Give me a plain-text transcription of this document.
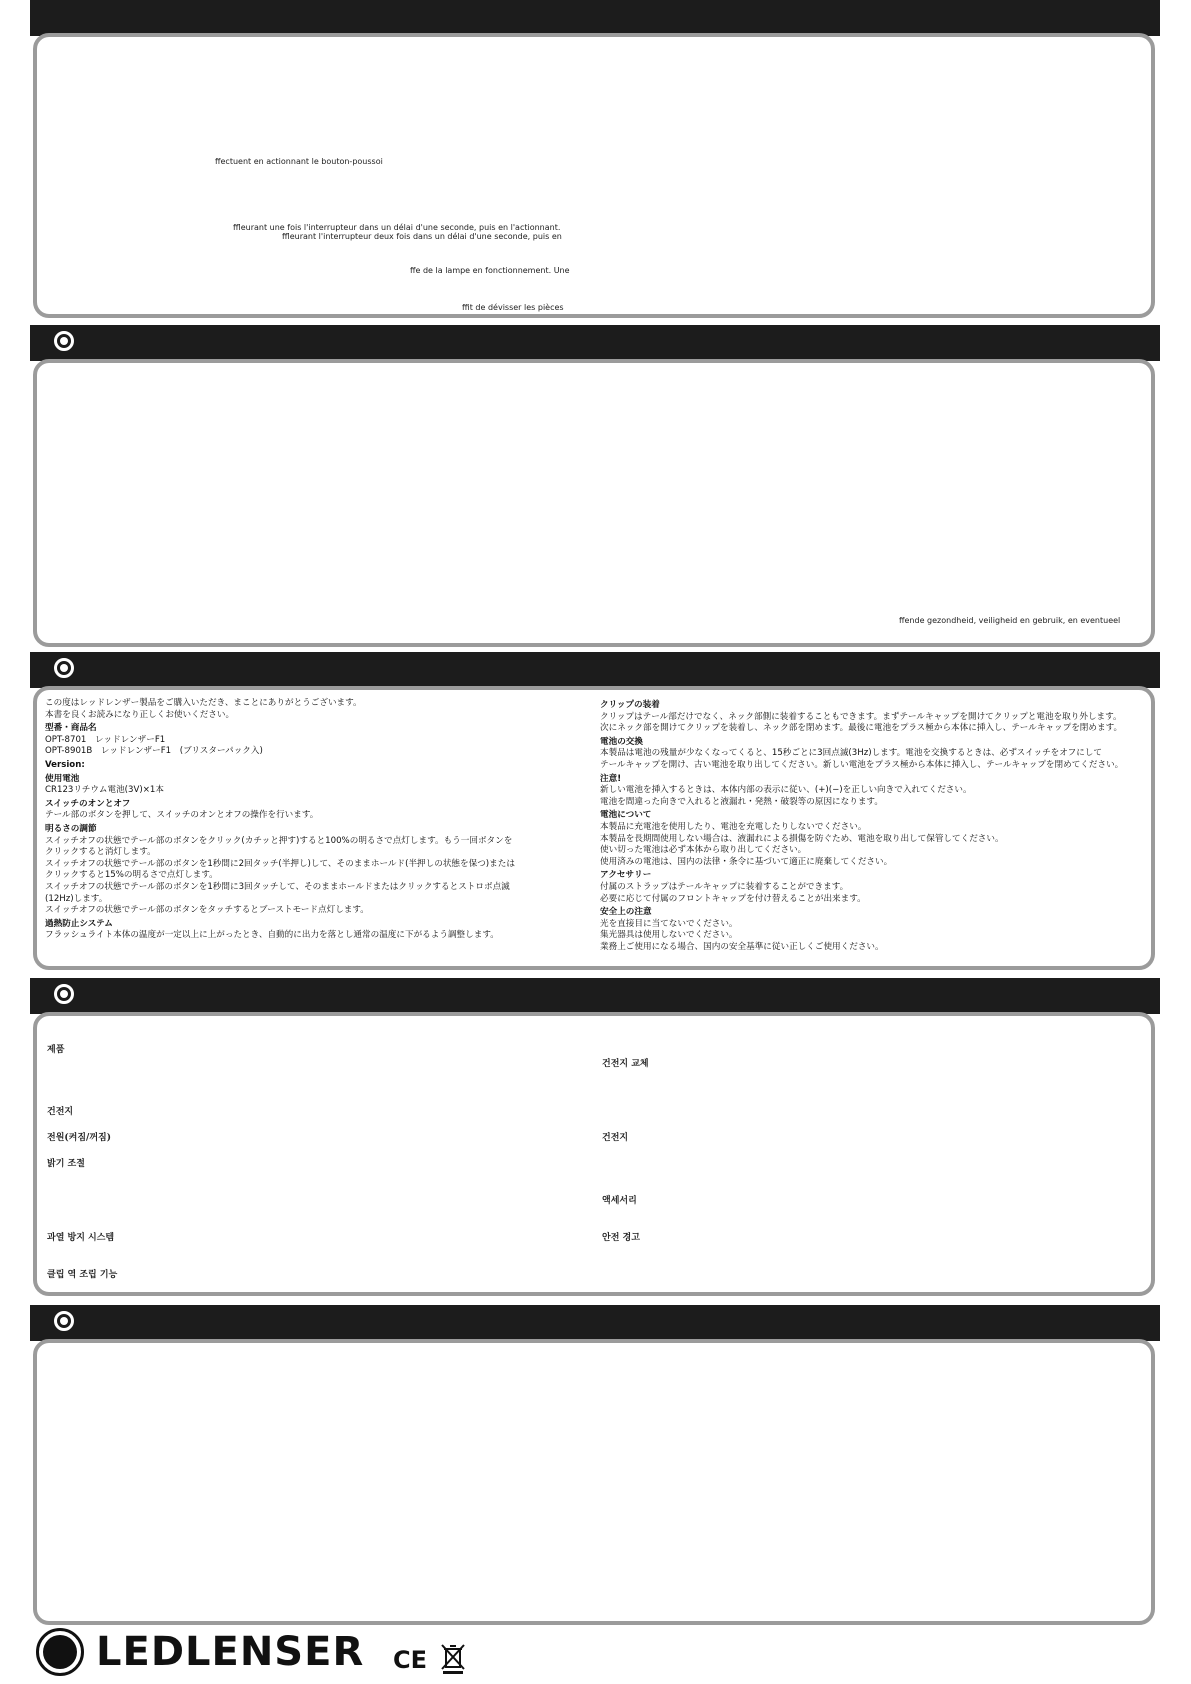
ffectuent en actionnant le bouton-poussoi
ffleurant une fois l'interrupteur dans un délai d'une seconde, puis en l'actionnant.
ffleurant l'interrupteur deux fois dans un délai d'une seconde, puis en
ffe de la lampe en fonctionnement. Une
ffit de dévisser les pièces
ffende gezondheid, veiligheid en gebruik, en eventueel
この度はレッドレンザー製品をご購入いただき、まことにありがとうございます。
本書を良くお読みになり正しくお使いください。
型番・商品名
OPT-8701　レッドレンザーF1
OPT-8901B　レッドレンザーF1　(ブリスターパック入)
Version:
使用電池
CR123リチウム電池(3V)×1本
スイッチのオンとオフ
テール部のボタンを押して、スイッチのオンとオフの操作を行います。
明るさの調節
スイッチオフの状態でテール部のボタンをクリック(カチッと押す)すると100%の明るさで点灯します。もう一回ボタンを
クリックすると消灯します。
スイッチオフの状態でテール部のボタンを1秒間に2回タッチ(半押し)して、そのままホールド(半押しの状態を保つ)または
クリックすると15%の明るさで点灯します。
スイッチオフの状態でテール部のボタンを1秒間に3回タッチして、そのままホールドまたはクリックするとストロボ点滅
(12Hz)します。
スイッチオフの状態でテール部のボタンをタッチするとブーストモード点灯します。
過熱防止システム
フラッシュライト本体の温度が一定以上に上がったとき、自動的に出力を落とし通常の温度に下がるよう調整します。
クリップの装着
クリップはテール部だけでなく、ネック部側に装着することもできます。まずテールキャップを開けてクリップと電池を取り外します。
次にネック部を開けてクリップを装着し、ネック部を閉めます。最後に電池をプラス極から本体に挿入し、テールキャップを閉めます。
電池の交換
本製品は電池の残量が少なくなってくると、15秒ごとに3回点滅(3Hz)します。電池を交換するときは、必ずスイッチをオフにして
テールキャップを開け、古い電池を取り出してください。新しい電池をプラス極から本体に挿入し、テールキャップを閉めてください。
注意!
新しい電池を挿入するときは、本体内部の表示に従い、(+)(−)を正しい向きで入れてください。
電池を間違った向きで入れると液漏れ・発熱・破裂等の原因になります。
電池について
本製品に充電池を使用したり、電池を充電したりしないでください。
本製品を長期間使用しない場合は、液漏れによる損傷を防ぐため、電池を取り出して保管してください。
使い切った電池は必ず本体から取り出してください。
使用済みの電池は、国内の法律・条令に基づいて適正に廃棄してください。
アクセサリー
付属のストラップはテールキャップに装着することができます。
必要に応じて付属のフロントキャップを付け替えることが出来ます。
安全上の注意
光を直接目に当てないでください。
集光器具は使用しないでください。
業務上ご使用になる場合、国内の安全基準に従い正しくご使用ください。
제품
건전지
전원(켜짐/꺼짐)
밝기 조절
과열 방지 시스템
클립 역 조립 기능
건전지 교체
건전지
액세서리
안전 경고
LEDLENSER CE
